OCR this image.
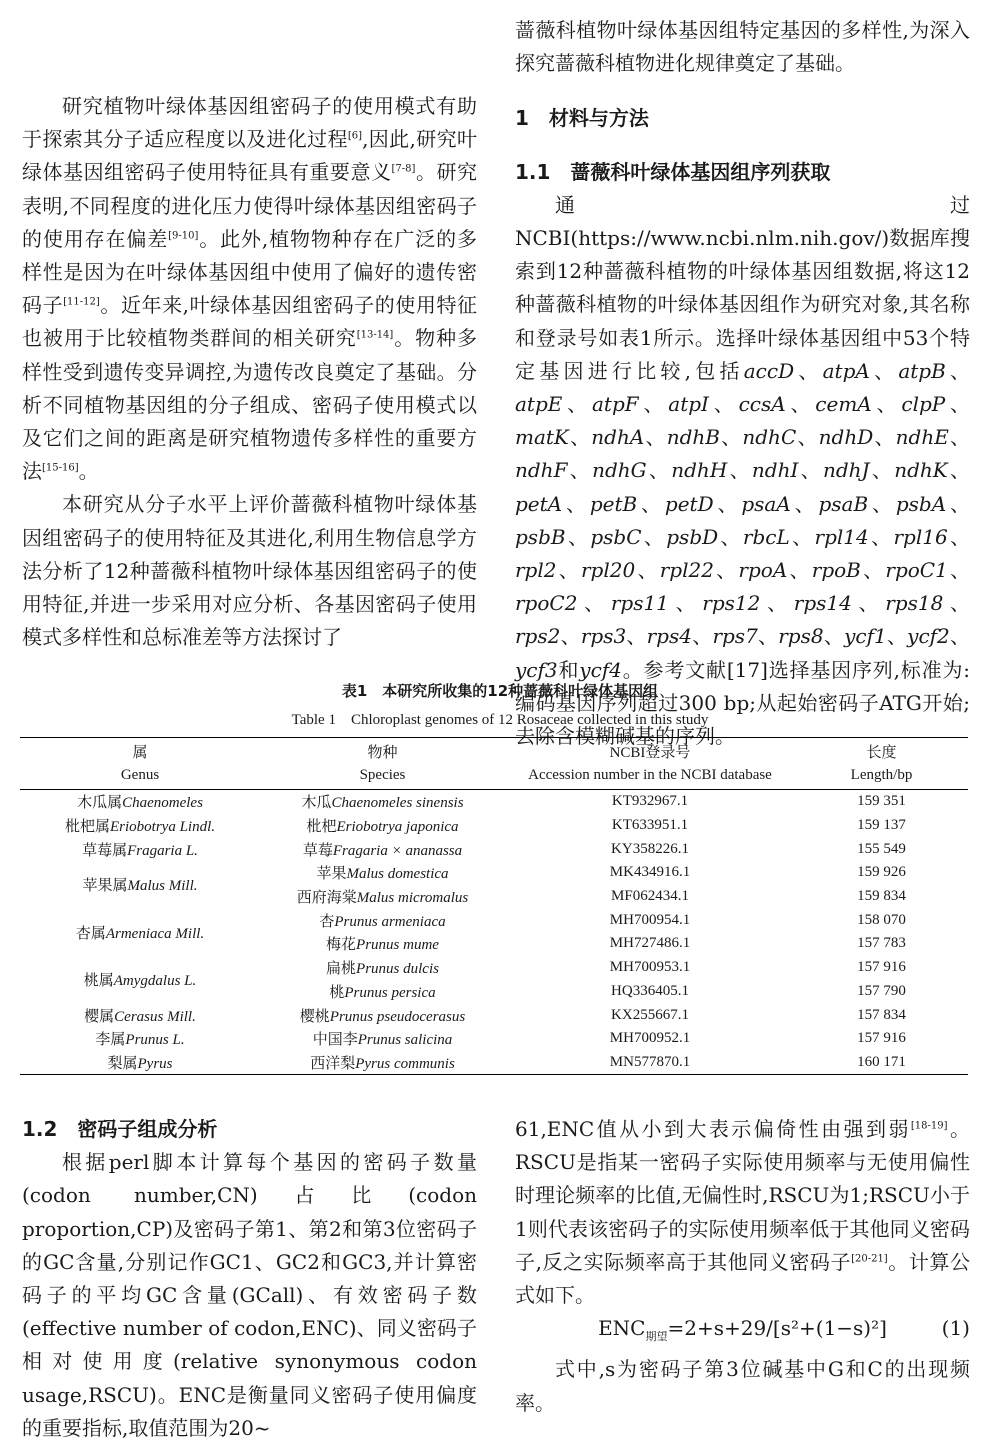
研究植物叶绿体基因组密码子的使用模式有助于探索其分子适应程度以及进化过程[6],因此,研究叶绿体基因组密码子使用特征具有重要意义[7-8]。研究表明,不同程度的进化压力使得叶绿体基因组密码子的使用存在偏差[9-10]。此外,植物物种存在广泛的多样性是因为在叶绿体基因组中使用了偏好的遗传密码子[11-12]。近年来,叶绿体基因组密码子的使用特征也被用于比较植物类群间的相关研究[13-14]。物种多样性受到遗传变异调控,为遗传改良奠定了基础。分析不同植物基因组的分子组成、密码子使用模式以及它们之间的距离是研究植物遗传多样性的重要方法[15-16]。

本研究从分子水平上评价蔷薇科植物叶绿体基因组密码子的使用特征及其进化,利用生物信息学方法分析了12种蔷薇科植物叶绿体基因组密码子的使用特征,并进一步采用对应分析、各基因密码子使用模式多样性和总标准差等方法探讨了

蔷薇科植物叶绿体基因组特定基因的多样性,为深入探究蔷薇科植物进化规律奠定了基础。

1　材料与方法

1.1　蔷薇科叶绿体基因组序列获取

通过 NCBI(https://www.ncbi.nlm.nih.gov/)数据库搜索到12种蔷薇科植物的叶绿体基因组数据,将这12种蔷薇科植物的叶绿体基因组作为研究对象,其名称和登录号如表1所示。选择叶绿体基因组中53个特定基因进行比较,包括accD、atpA、atpB、atpE、atpF、atpI、ccsA、cemA、clpP、matK、ndhA、ndhB、ndhC、ndhD、ndhE、ndhF、ndhG、ndhH、ndhI、ndhJ、ndhK、petA、petB、petD、psaA、psaB、psbA、psbB、psbC、psbD、rbcL、rpl14、rpl16、rpl2、rpl20、rpl22、rpoA、rpoB、rpoC1、rpoC2、rps11、rps12、rps14、rps18、rps2、rps3、rps4、rps7、rps8、ycf1、ycf2、ycf3和ycf4。参考文献[17]选择基因序列,标准为:编码基因序列超过300 bp;从起始密码子ATG开始;去除含模糊碱基的序列。

表1　本研究所收集的12种蔷薇科叶绿体基因组
Table 1　Chloroplast genomes of 12 Rosaceae collected in this study
属	物种	NCBI登录号	长度
Genus	Species	Accession number in the NCBI database	Length/bp
木瓜属Chaenomeles	木瓜Chaenomeles sinensis	KT932967.1	159 351
枇杷属Eriobotrya Lindl.	枇杷Eriobotrya japonica	KT633951.1	159 137
草莓属Fragaria L.	草莓Fragaria × ananassa	KY358226.1	155 549
苹果属Malus Mill.	苹果Malus domestica	MK434916.1	159 926
	西府海棠Malus micromalus	MF062434.1	159 834
杏属Armeniaca Mill.	杏Prunus armeniaca	MH700954.1	158 070
	梅花Prunus mume	MH727486.1	157 783
桃属Amygdalus L.	扁桃Prunus dulcis	MH700953.1	157 916
	桃Prunus persica	HQ336405.1	157 790
樱属Cerasus Mill.	樱桃Prunus pseudocerasus	KX255667.1	157 834
李属Prunus L.	中国李Prunus salicina	MH700952.1	157 916
梨属Pyrus	西洋梨Pyrus communis	MN577870.1	160 171

1.2　密码子组成分析

根据perl脚本计算每个基因的密码子数量(codon number,CN)占比(codon proportion,CP)及密码子第1、第2和第3位密码子的GC含量,分别记作GC1、GC2和GC3,并计算密码子的平均GC含量(GCall)、有效密码子数(effective number of codon,ENC)、同义密码子相对使用度(relative synonymous codon usage,RSCU)。ENC是衡量同义密码子使用偏度的重要指标,取值范围为20~

61,ENC值从小到大表示偏倚性由强到弱[18-19]。RSCU是指某一密码子实际使用频率与无使用偏性时理论频率的比值,无偏性时,RSCU为1;RSCU小于1则代表该密码子的实际使用频率低于其他同义密码子,反之实际频率高于其他同义密码子[20-21]。计算公式如下。

$ENC_{期望}=2+s+29/[s^2+(1-s)^2]$	(1)

式中,s为密码子第3位碱基中G和C的出现频率。
